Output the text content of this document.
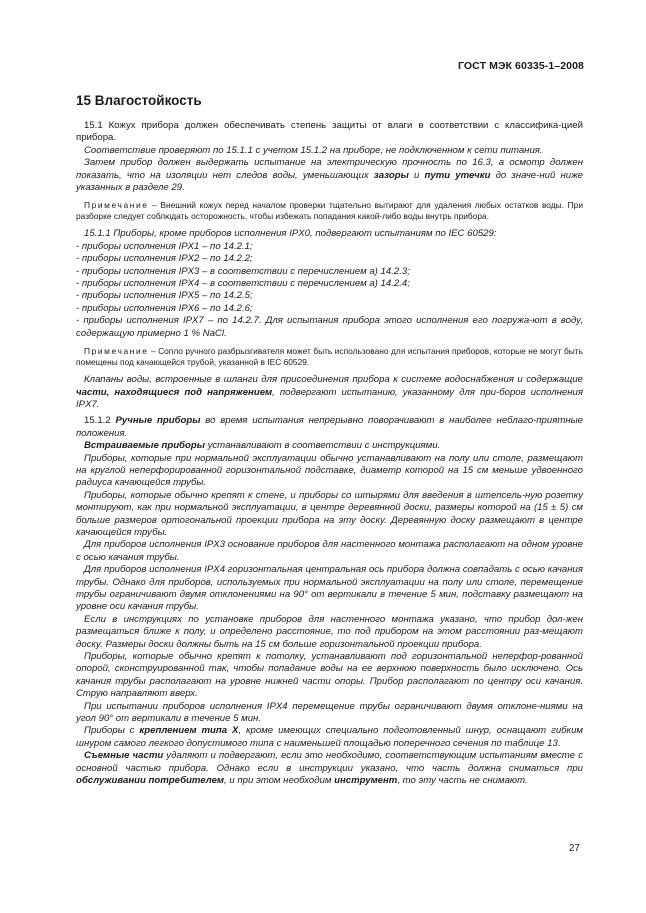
ГОСТ МЭК 60335-1–2008
15 Влагостойкость

15.1 Кожух прибора должен обеспечивать степень защиты от влаги в соответствии с классифика-цией прибора.

Соответствие проверяют по 15.1.1 с учетом 15.1.2 на приборе, не подключенном к сети питания.

Затем прибор должен выдержать испытание на электрическую прочность по 16.3, а осмотр должен показать, что на изоляции нет следов воды, уменьшающих зазоры и пути утечки до значе-ний ниже указанных в разделе 29.

Примечание – Внешний кожух перед началом проверки тщательно вытирают для удаления любых остатков воды. При разборке следует соблюдать осторожность, чтобы избежать попадания какой-либо воды внутрь прибора.

15.1.1 Приборы, кроме приборов исполнения IPX0, подвергают испытаниям по IEC 60529:

- приборы исполнения IPX1 – по 14.2.1;

- приборы исполнения IPX2 – по 14.2.2;

- приборы исполнения IPX3 – в соответствии с перечислением а) 14.2.3;

- приборы исполнения IPX4 – в соответствии с перечислением а) 14.2.4;

- приборы исполнения IPX5 – по 14.2.5;

- приборы исполнения IPX6 – по 14.2.6;

- приборы исполнения IPX7 – по 14.2.7. Для испытания прибора этого исполнения его погружа-ют в воду, содержащую примерно 1 % NaCl.

Примечание – Сопло ручного разбрызгивателя может быть использовано для испытания приборов, которые не могут быть помещены под качающейся трубой, указанной в IEC 60529.

Клапаны воды, встроенные в шланги для присоединения прибора к системе водоснабжения и содержащие части, находящиеся под напряжением, подвергают испытанию, указанному для при-боров исполнения IPX7.

15.1.2 Ручные приборы во время испытания непрерывно поворачивают в наиболее неблаго-приятные положения.

Встраиваемые приборы устанавливают в соответствии с инструкциями.

Приборы, которые при нормальной эксплуатации обычно устанавливают на полу или столе, размещают на круглой неперфорированной горизонтальной подставке, диаметр которой на 15 см меньше удвоенного радиуса качающейся трубы.

Приборы, которые обычно крепят к стене, и приборы со штырями для введения в штепсель-ную розетку монтируют, как при нормальной эксплуатации, в центре деревянной доски, размеры которой на (15 ± 5) см больше размеров ортогональной проекции прибора на эту доску. Деревянную доску размещают в центре качающейся трубы.

Для приборов исполнения IPX3 основание приборов для настенного монтажа располагают на одном уровне с осью качания трубы.

Для приборов исполнения IPX4 горизонтальная центральная ось прибора должна совпадать с осью качания трубы. Однако для приборов, используемых при нормальной эксплуатации на полу или столе, перемещение трубы ограничивают двумя отклонениями на 90° от вертикали в течение 5 мин, подставку размещают на уровне оси качания трубы.

Если в инструкциях по установке приборов для настенного монтажа указано, что прибор дол-жен размещаться ближе к полу, и определено расстояние, то под прибором на этом расстоянии раз-мещают доску. Размеры доски должны быть на 15 см больше горизонтальной проекции прибора.

Приборы, которые обычно крепят к потолку, устанавливают под горизонтальной неперфор-рованной опорой, сконструированной так, чтобы попадание воды на ее верхнюю поверхность было исключено. Ось качания трубы располагают на уровне нижней части опоры. Прибор располагают по центру оси качания. Струю направляют вверх.

При испытании приборов исполнения IPX4 перемещение трубы ограничивают двумя отклоне-ниями на угол 90° от вертикали в течение 5 мин.

Приборы с креплением типа X, кроме имеющих специально подготовленный шнур, оснащают гибким шнуром самого легкого допустимого типа с наименьшей площадью поперечного сечения по таблице 13.

Съемные части удаляют и подвергают, если это необходимо, соответствующим испытаниям вместе с основной частью прибора. Однако если в инструкции указано, что часть должна сниматься при обслуживании потребителем, и при этом необходим инструмент, то эту часть не снимают.

27
